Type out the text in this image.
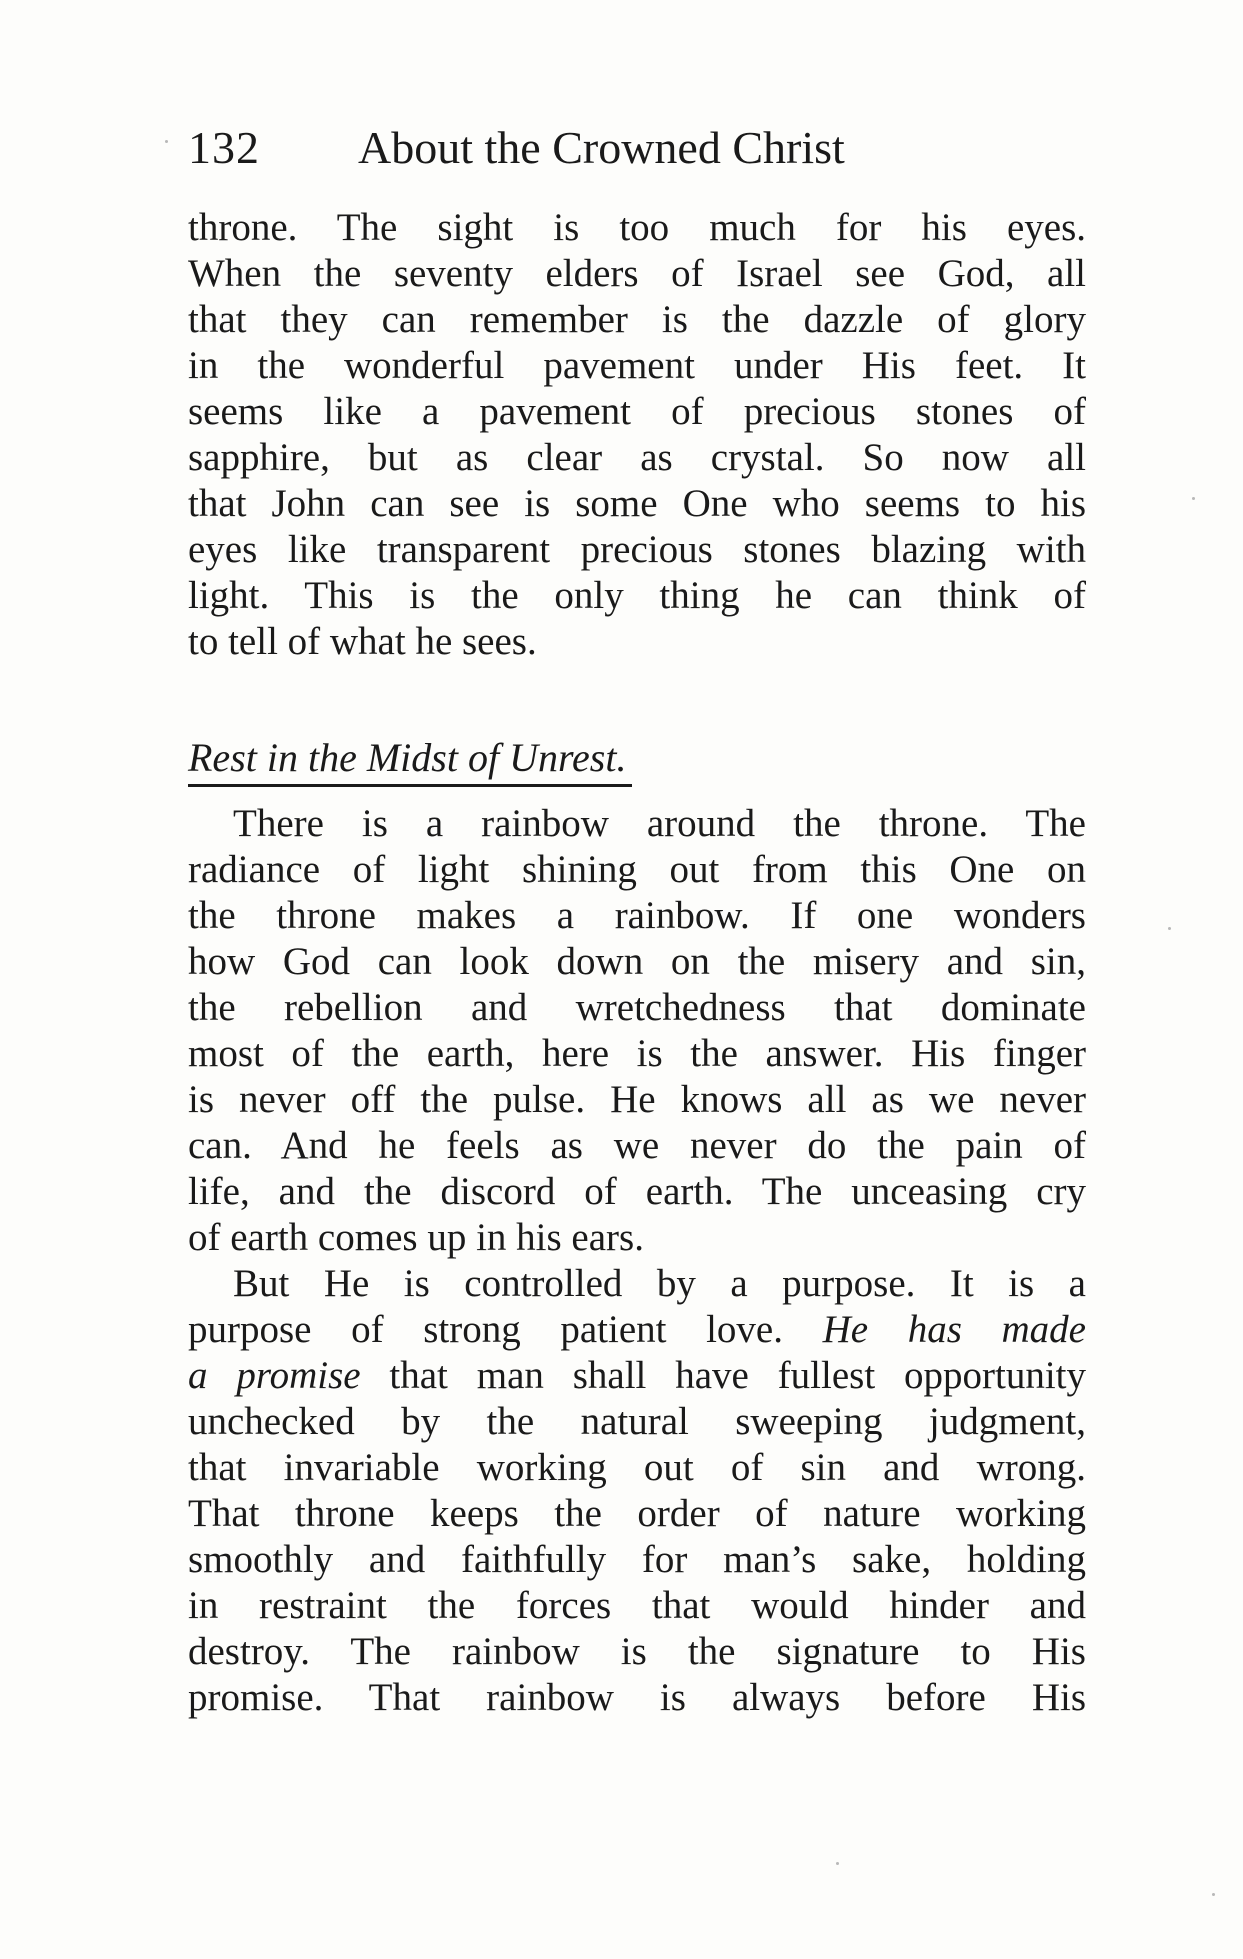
132 About the Crowned Christ
throne. The sight is too much for his eyes.
When the seventy elders of Israel see God, all
that they can remember is the dazzle of glory
in the wonderful pavement under His feet. It
seems like a pavement of precious stones of
sapphire, but as clear as crystal. So now all
that John can see is some One who seems to his
eyes like transparent precious stones blazing with
light. This is the only thing he can think of
to tell of what he sees.
Rest in the Midst of Unrest.
There is a rainbow around the throne. The
radiance of light shining out from this One on
the throne makes a rainbow. If one wonders
how God can look down on the misery and sin,
the rebellion and wretchedness that dominate
most of the earth, here is the answer. His finger
is never off the pulse. He knows all as we never
can. And he feels as we never do the pain of
life, and the discord of earth. The unceasing cry
of earth comes up in his ears.
But He is controlled by a purpose. It is a
purpose of strong patient love. He has made
a promise that man shall have fullest opportunity
unchecked by the natural sweeping judgment,
that invariable working out of sin and wrong.
That throne keeps the order of nature working
smoothly and faithfully for man’s sake, holding
in restraint the forces that would hinder and
destroy. The rainbow is the signature to His
promise. That rainbow is always before His
